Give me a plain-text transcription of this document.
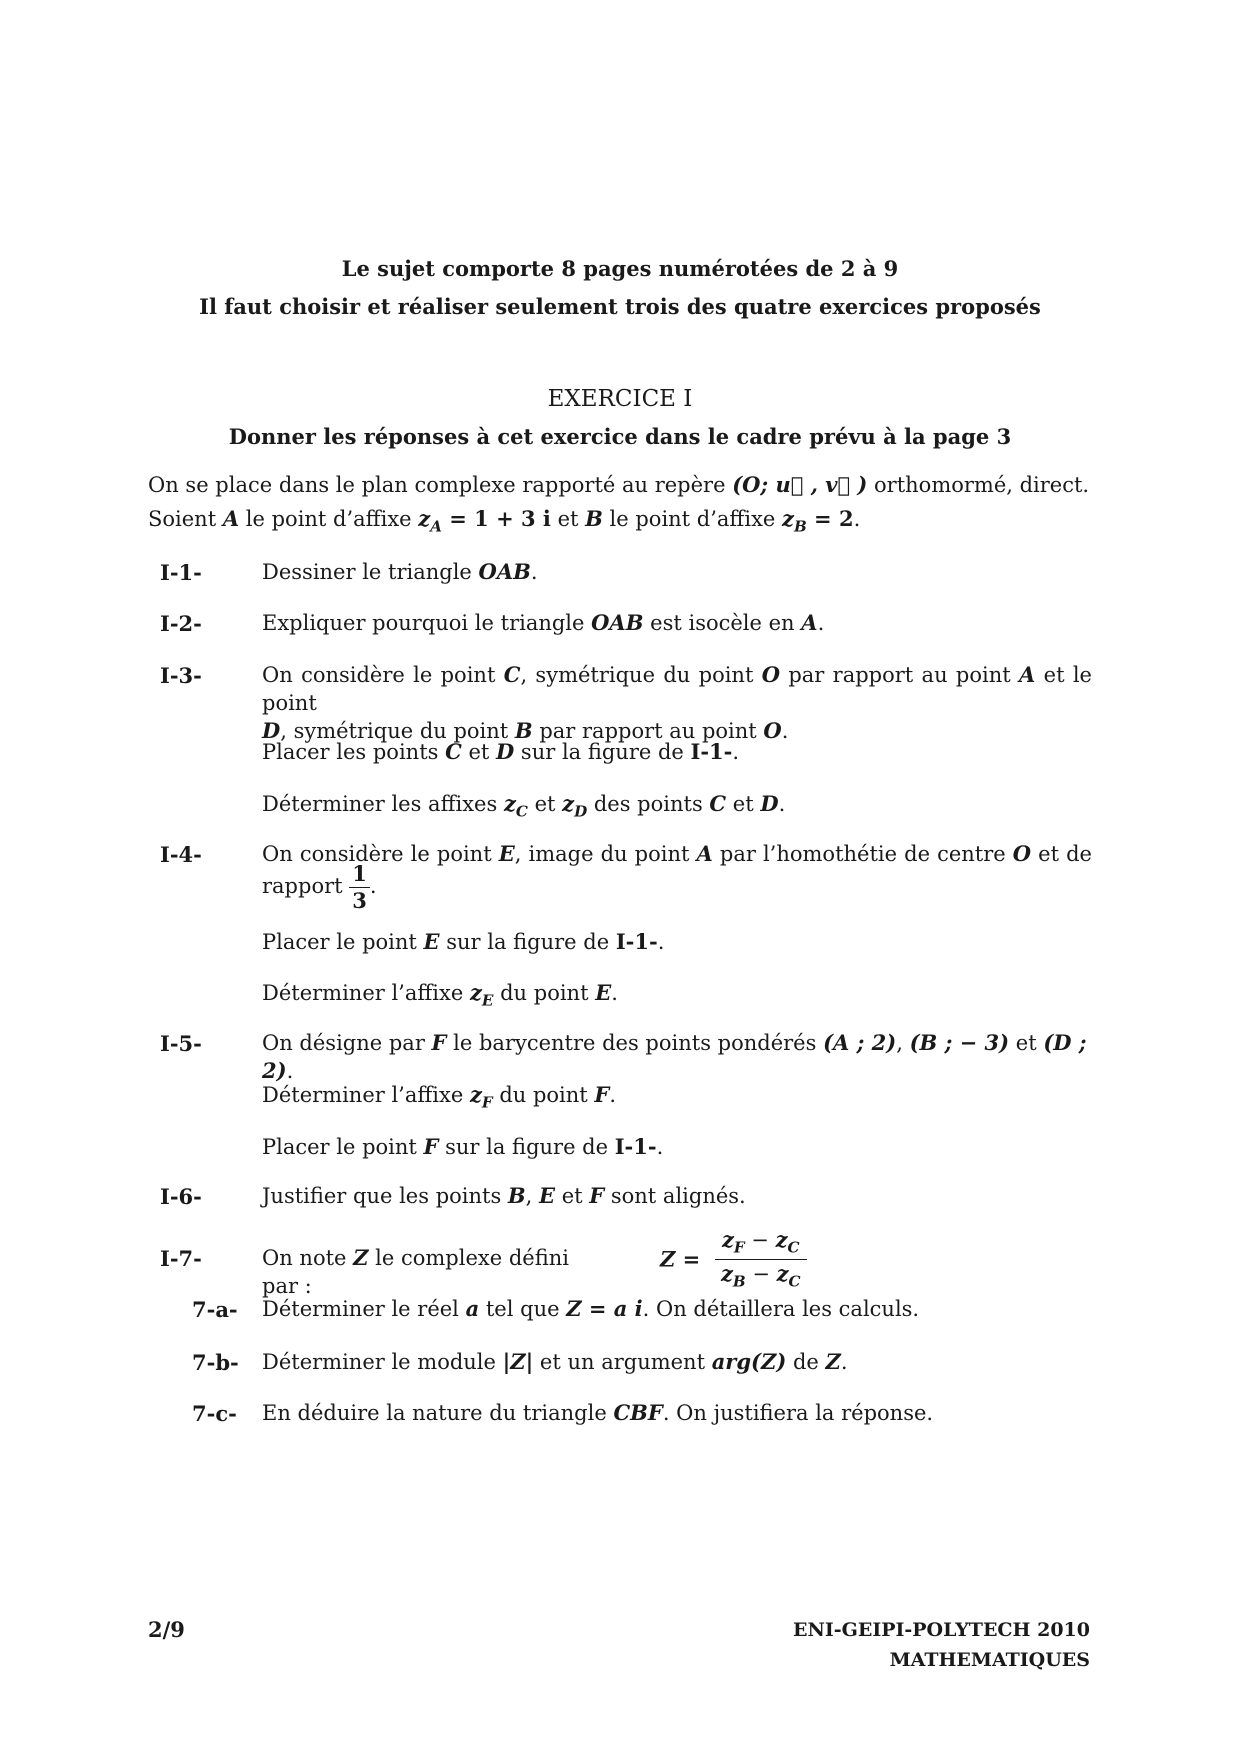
Le sujet comporte 8 pages numérotées de 2 à 9
Il faut choisir et réaliser seulement trois des quatre exercices proposés
EXERCICE I
Donner les réponses à cet exercice dans le cadre prévu à la page 3
On se place dans le plan complexe rapporté au repère (O; u⃗ , v⃗ ) orthomormé, direct.
Soient A le point d’affixe $z_A = 1 + 3$ i et B le point d’affixe $z_B = 2$.
I-1-	Dessiner le triangle OAB.
I-2-	Expliquer pourquoi le triangle OAB est isocèle en A.
I-3-	On considère le point C, symétrique du point O par rapport au point A et le point
D, symétrique du point B par rapport au point O.
Placer les points C et D sur la figure de I-1-.
Déterminer les affixes $z_C$ et $z_D$ des points C et D.
I-4-	On considère le point E, image du point A par l’homothétie de centre O et de
rapport $\frac{1}{3}$ .
Placer le point E sur la figure de I-1-.
Déterminer l’affixe $z_E$ du point E.
I-5-	On désigne par F le barycentre des points pondérés (A ; 2), (B ; − 3) et (D ; 2).
Déterminer l’affixe $z_F$ du point F.
Placer le point F sur la figure de I-1-.
I-6-	Justifier que les points B, E et F sont alignés.
I-7-	On note Z le complexe défini par :
$Z = \frac{z_F - z_C}{z_B - z_C}$
7-a- Déterminer le réel a tel que Z = a i. On détaillera les calculs.
7-b- Déterminer le module |Z| et un argument arg(Z) de Z.
7-c- En déduire la nature du triangle CBF. On justifiera la réponse.
2/9	ENI-GEIPI-POLYTECH 2010
MATHEMATIQUES
